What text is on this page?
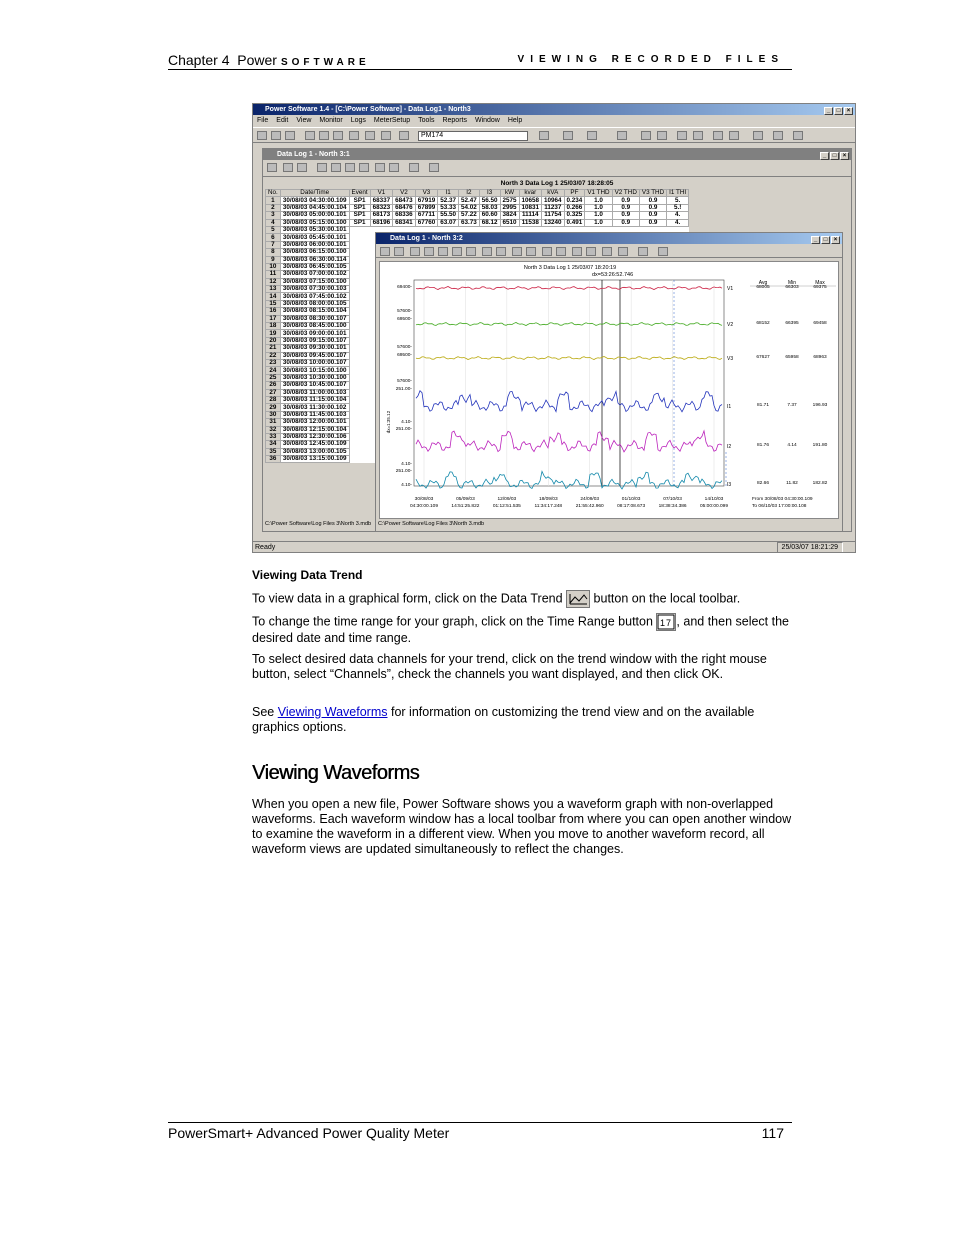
Chapter 4 Power SOFTWARE	VIEWING RECORDED FILES
Power Software 1.4 - [C:\Power Software] - Data Log1 - North3	_ □ ×
File Edit View Monitor Logs MeterSetup Tools Reports Window Help
PM174
Data Log 1 - North 3:1	_ □ ×
North 3 Data Log 1 25/03/07 18:28:05
No.	Date/Time	Event	V1	V2	V3	I1	I2	I3	kW	kvar	kVA	PF	V1 THD	V2 THD	V3 THD	I1 THI
1	30/08/03 04:30:00.109	SP1	68337	68473	67919	52.37	52.47	56.50	2575	10658	10964	0.234	1.0	0.9	0.9	5.
2	30/08/03 04:45:00.104	SP1	68323	68476	67899	53.33	54.02	58.03	2995	10831	11237	0.266	1.0	0.9	0.9	5.!
3	30/08/03 05:00:00.101	SP1	68173	68336	67711	55.50	57.22	60.60	3824	11114	11754	0.325	1.0	0.9	0.9	4.
4	30/08/03 05:15:00.100	SP1	68196	68341	67760	63.07	63.73	68.12	6510	11538	13240	0.491	1.0	0.9	0.9	4.
5	30/08/03 05:30:00.101															
6	30/08/03 05:45:00.101															
7	30/08/03 06:00:00.101															
8	30/08/03 06:15:00.100															
9	30/08/03 06:30:00.114															
10	30/08/03 06:45:00.105															
11	30/08/03 07:00:00.102															
12	30/08/03 07:15:00.100															
13	30/08/03 07:30:00.103															
14	30/08/03 07:45:00.102															
15	30/08/03 08:00:00.105															
16	30/08/03 08:15:00.104															
17	30/08/03 08:30:00.107															
18	30/08/03 08:45:00.100															
19	30/08/03 09:00:00.101															
20	30/08/03 09:15:00.107															
21	30/08/03 09:30:00.101															
22	30/08/03 09:45:00.107															
23	30/08/03 10:00:00.107															
24	30/08/03 10:15:00.100															
25	30/08/03 10:30:00.100															
26	30/08/03 10:45:00.107															
27	30/08/03 11:00:00.103															
28	30/08/03 11:15:00.104															
29	30/08/03 11:30:00.102															
30	30/08/03 11:45:00.103															
31	30/08/03 12:00:00.101															
32	30/08/03 12:15:00.104															
33	30/08/03 12:30:00.106															
34	30/08/03 12:45:00.109															
35	30/08/03 13:00:00.105															
36	30/08/03 13:15:00.109															
C:\Power Software\Log Files 3\North 3.mdb
Data Log 1 - North 3:2	_ □ ×
North 3 Data Log 1 25/03/07 18:20:19
dx=53:26:52.746
69400-
57600-
69500-
57600-
69500-
57600-
251.00-
4.10-
251.00-
4.10-
251.00-
4.10-
dx=1:35.12
V1
V2
V3
I1
I2
I3
30/08/03
04:30:00.109
05/09/03
14:51:25.822
12/09/03
01:12:51.535
18/09/03
11:34:17.248
24/09/03
21:55:42.960
01/10/03
08:17:08.673
07/10/03
18:38:34.386
14/10/03
05:00:00.099
Avg	Min	Max
68005	66303	69375
68152	66395	69458
67627	65958	68963
81.71	7.37	196.93
81.76	4.14	191.80
82.66	11.82	182.82
From 30/08/03 04:30:00.109
To 06/10/03 17:00:00.108
C:\Power Software\Log Files 3\North 3.mdb
Ready	25/03/07 18:21:29
Viewing Data Trend
To view data in a graphical form, click on the Data Trend button on the local toolbar.
To change the time range for your graph, click on the Time Range button 1 7 , and then select the desired date and time range.
To select desired data channels for your trend, click on the trend window with the right mouse button, select “Channels”, check the channels you want displayed, and then click OK.
See Viewing Waveforms for information on customizing the trend view and on the available graphics options.
Viewing Waveforms
When you open a new file, Power Software shows you a waveform graph with non-overlapped waveforms. Each waveform window has a local toolbar from where you can open another window to examine the waveform in a different view. When you move to another waveform record, all waveform views are updated simultaneously to reflect the changes.
PowerSmart+ Advanced Power Quality Meter	117
